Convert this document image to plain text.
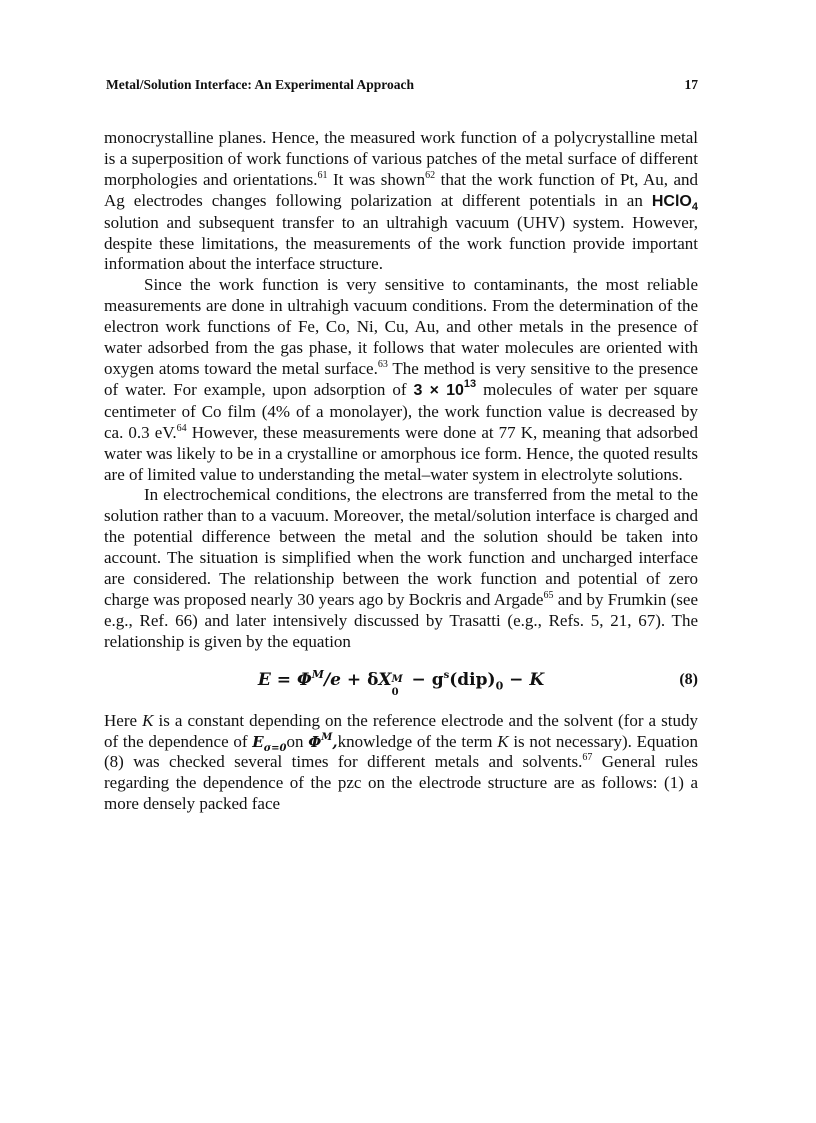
Metal/Solution Interface: An Experimental Approach	17

monocrystalline planes. Hence, the measured work function of a polycrystalline metal is a superposition of work functions of various patches of the metal surface of different morphologies and orientations.$^{61}$ It was shown$^{62}$ that the work function of Pt, Au, and Ag electrodes changes following polarization at different potentials in an HClO$_4$ solution and subsequent transfer to an ultrahigh vacuum (UHV) system. However, despite these limitations, the measurements of the work function provide important information about the interface structure.

Since the work function is very sensitive to contaminants, the most reliable measurements are done in ultrahigh vacuum conditions. From the determination of the electron work functions of Fe, Co, Ni, Cu, Au, and other metals in the presence of water adsorbed from the gas phase, it follows that water molecules are oriented with oxygen atoms toward the metal surface.$^{63}$ The method is very sensitive to the presence of water. For example, upon adsorption of $3 \times 10^{13}$ molecules of water per square centimeter of Co film (4% of a monolayer), the work function value is decreased by ca. 0.3 eV.$^{64}$ However, these measurements were done at 77 K, meaning that adsorbed water was likely to be in a crystalline or amorphous ice form. Hence, the quoted results are of limited value to understanding the metal–water system in electrolyte solutions.

In electrochemical conditions, the electrons are transferred from the metal to the solution rather than to a vacuum. Moreover, the metal/solution interface is charged and the potential difference between the metal and the solution should be taken into account. The situation is simplified when the work function and uncharged interface are considered. The relationship between the work function and potential of zero charge was proposed nearly 30 years ago by Bockris and Argade$^{65}$ and by Frumkin (see e.g., Ref. 66) and later intensively discussed by Trasatti (e.g., Refs. 5, 21, 67). The relationship is given by the equation

$E = \Phi^M/e + \delta X$ M
0
− $g^s(dip)_0 - K$	(8)

Here K is a constant depending on the reference electrode and the solvent (for a study of the dependence of $E_{\sigma=0}on$ $\Phi^M,knowledge$ of the term K is not necessary). Equation (8) was checked several times for different metals and solvents.$^{67}$ General rules regarding the dependence of the pzc on the electrode structure are as follows: (1) a more densely packed face
